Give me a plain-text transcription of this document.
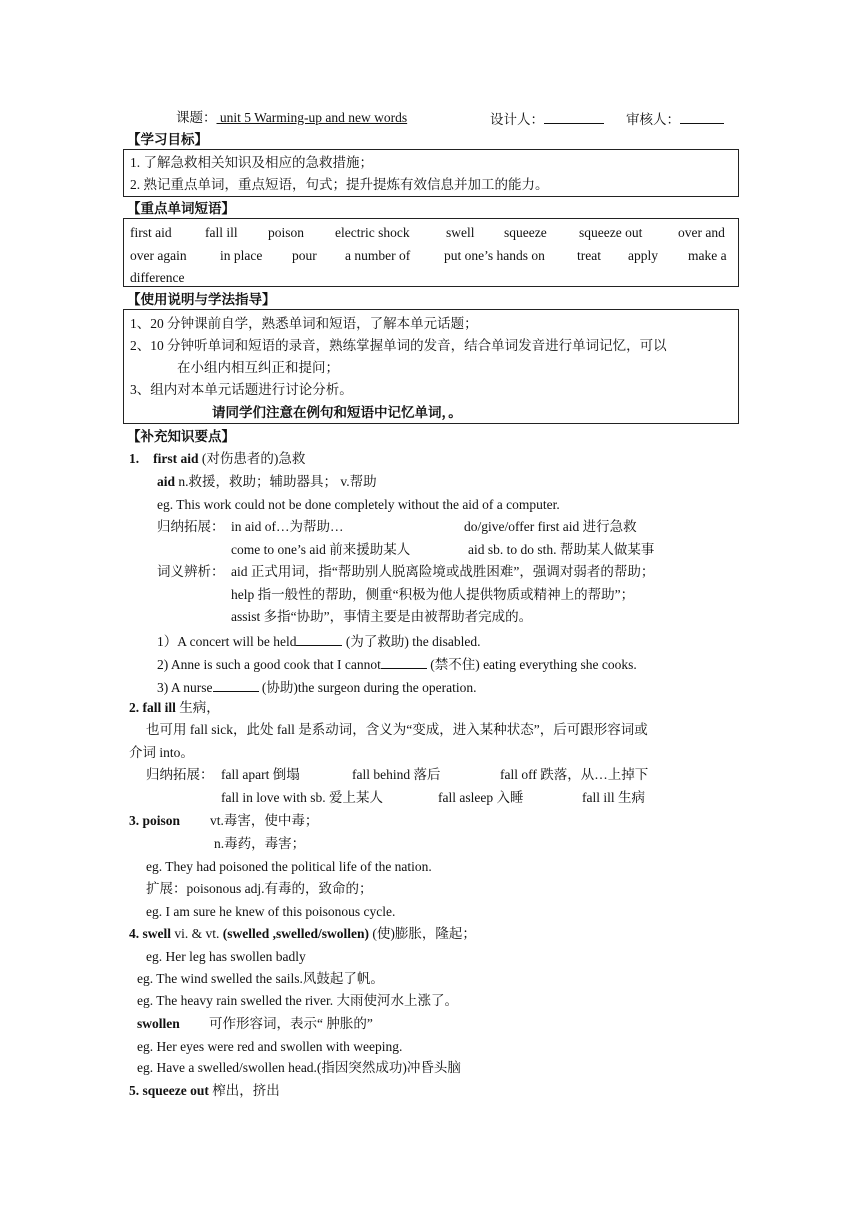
课题： unit 5 Warming-up and new words	设计人：	审核人：
【学习目标】
1. 了解急救相关知识及相应的急救措施；
2. 熟记重点单词，重点短语，句式；提升提炼有效信息并加工的能力。
【重点单词短语】
first aid fall ill poison electric shock	swell squeeze squeeze out	over and
over again in place pour a number of	put one’s hands on treat apply make a
difference
【使用说明与学法指导】
1、20 分钟课前自学，熟悉单词和短语，了解本单元话题；
2、10 分钟听单词和短语的录音，熟练掌握单词的发音，结合单词发音进行单词记忆，可以
在小组内相互纠正和提问；
3、组内对本单元话题进行讨论分析。
请同学们注意在例句和短语中记忆单词，。
【补充知识要点】
1. first aid (对伤患者的)急救
aid n.救援，救助；辅助器具； v.帮助
eg. This work could not be done completely without the aid of a computer.
归纳拓展： in aid of…为帮助…	do/give/offer first aid 进行急救
come to one’s aid 前来援助某人	aid sb. to do sth. 帮助某人做某事
词义辨析： aid 正式用词，指“帮助别人脱离险境或战胜困难”，强调对弱者的帮助；
help 指一般性的帮助，侧重“积极为他人提供物质或精神上的帮助”；
assist 多指“协助”，事情主要是由被帮助者完成的。
1）A concert will be held	(为了救助) the disabled.
2) Anne is such a good cook that I cannot	(禁不住) eating everything she cooks.
3) A nurse	(协助)the surgeon during the operation.
2. fall ill 生病，
也可用 fall sick，此处 fall 是系动词，含义为“变成，进入某种状态”，后可跟形容词或
介词 into。
归纳拓展： fall apart 倒塌	fall behind 落后	fall off 跌落，从…上掉下
fall in love with sb. 爱上某人	fall asleep 入睡	fall ill 生病
3. poison vt.毒害，使中毒；
n.毒药，毒害；
eg. They had poisoned the political life of the nation.
扩展：poisonous adj.有毒的，致命的；
eg. I am sure he knew of this poisonous cycle.
4. swell vi. & vt. (swelled ,swelled/swollen) (使)膨胀，隆起；
eg. Her leg has swollen badly
eg. The wind swelled the sails.风鼓起了帆。
eg. The heavy rain swelled the river. 大雨使河水上涨了。
swollen 可作形容词，表示“ 肿胀的”
eg. Her eyes were red and swollen with weeping.
eg. Have a swelled/swollen head.(指因突然成功)冲昏头脑
5. squeeze out 榨出，挤出
